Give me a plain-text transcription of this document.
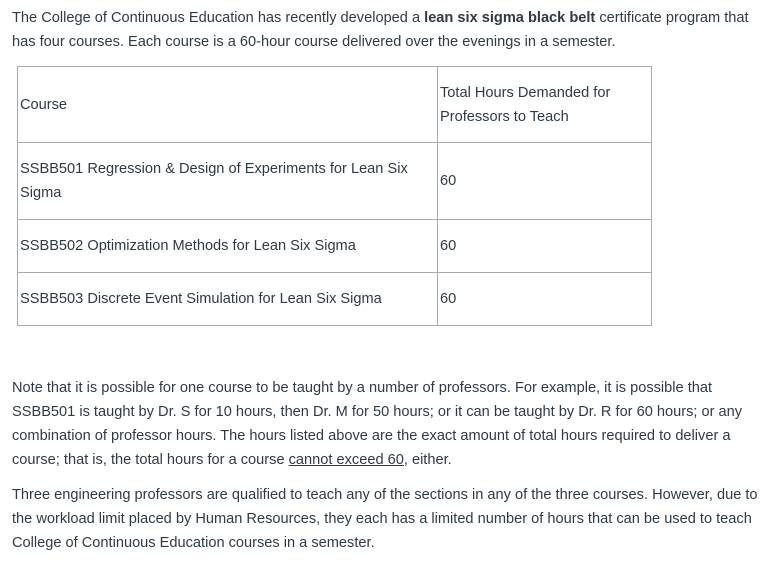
The College of Continuous Education has recently developed a lean six sigma black belt certificate program that has four courses. Each course is a 60-hour course delivered over the evenings in a semester.

Course	Total Hours Demanded for Professors to Teach
SSBB501 Regression & Design of Experiments for Lean Six Sigma	60
SSBB502 Optimization Methods for Lean Six Sigma	60
SSBB503 Discrete Event Simulation for Lean Six Sigma	60

Note that it is possible for one course to be taught by a number of professors. For example, it is possible that SSBB501 is taught by Dr. S for 10 hours, then Dr. M for 50 hours; or it can be taught by Dr. R for 60 hours; or any combination of professor hours. The hours listed above are the exact amount of total hours required to deliver a course; that is, the total hours for a course cannot exceed 60, either.

Three engineering professors are qualified to teach any of the sections in any of the three courses. However, due to the workload limit placed by Human Resources, they each has a limited number of hours that can be used to teach College of Continuous Education courses in a semester.
